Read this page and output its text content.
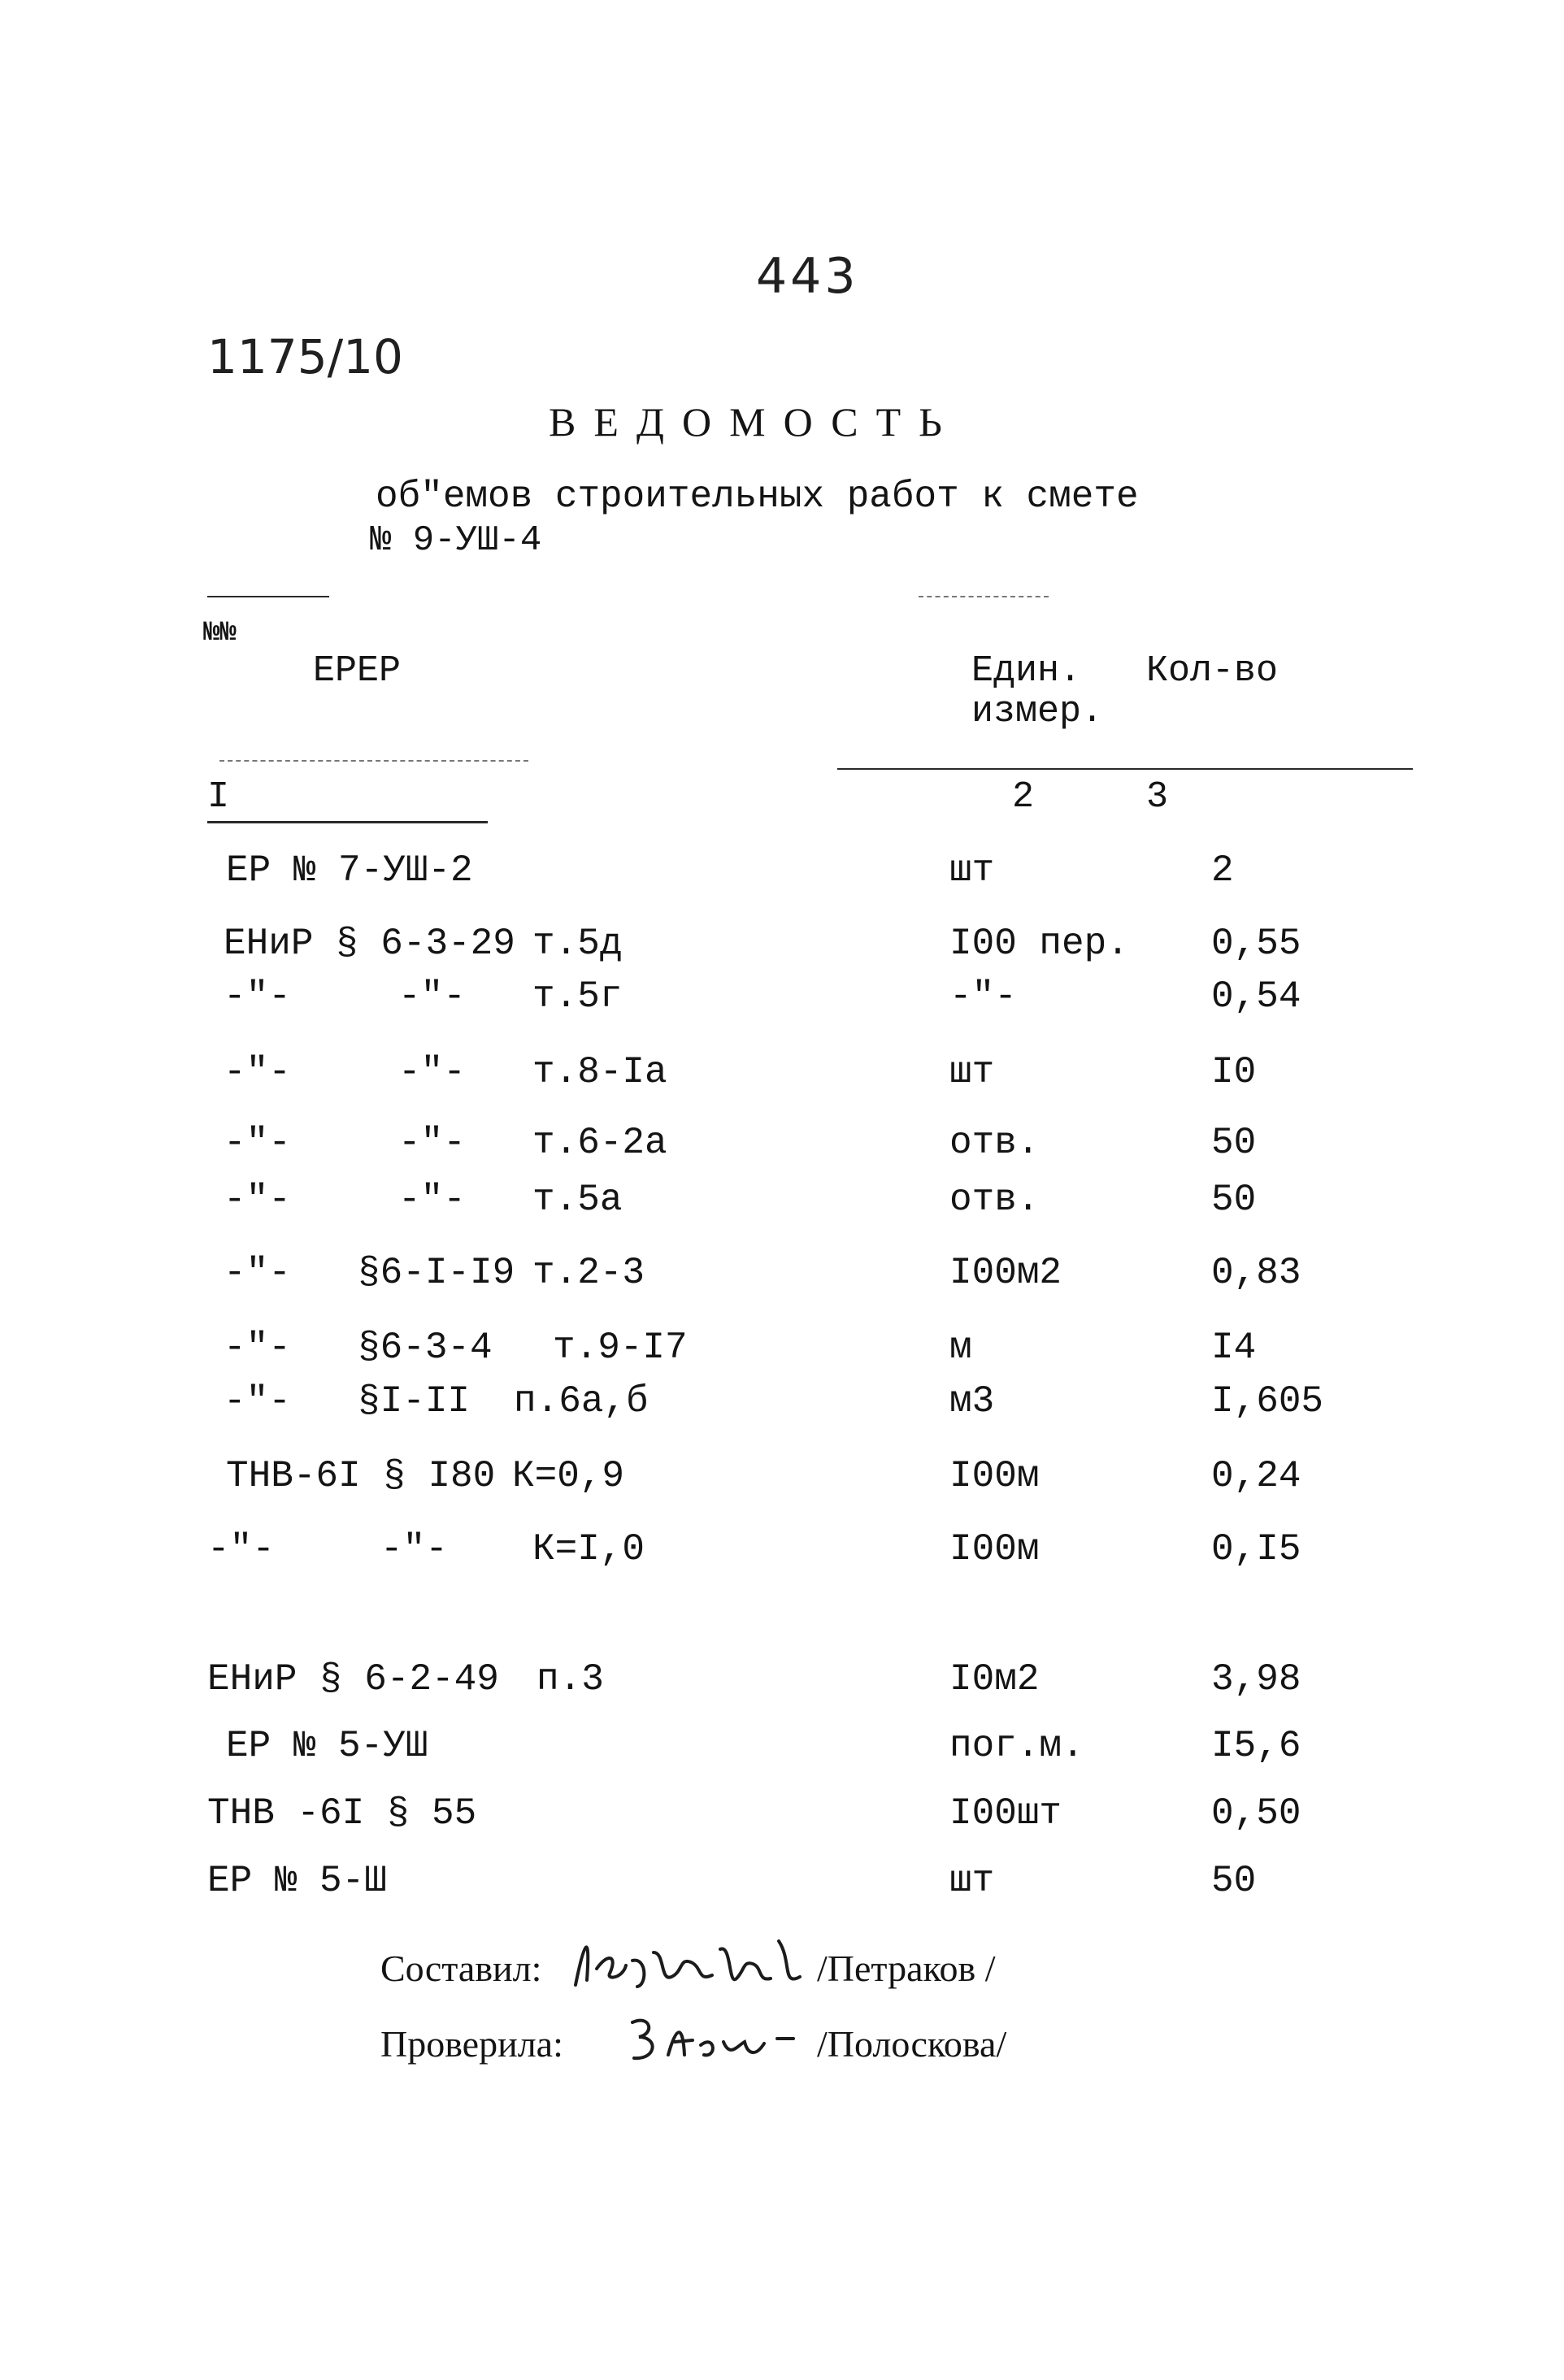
443
1175/10
ВЕДОМОСТЬ
об"емов строительных работ к смете
№ 9-УШ-4
№№
ЕРЕР	Един.
измер.
Кол-во
I	2	3
ЕР № 7-УШ-2	шт	2
ЕНиР § 6-3-29 т.5д	I00 пер. 0,55
-"-	-"- т.5г	-"-	0,54
-"-	-"- т.8-Iа	шт	I0
-"-	-"- т.6-2а	отв.	50
-"-	-"- т.5а	отв.	50
-"- §6-I-I9 т.2-3	I00м2	0,83
-"- §6-3-4 т.9-I7	м	I4
-"- §I-II п.6а,б	м3	I,605
ТНВ-6I § I80 К=0,9	I00м	0,24
-"-	-"- К=I,0	I00м	0,I5
ЕНиР § 6-2-49 п.3	I0м2	3,98
ЕР № 5-УШ	пог.м.	I5,6
ТНВ -6I § 55	I00шт	0,50
ЕР № 5-Ш	шт	50
Составил:	/Петраков /
Проверила:	/Полоскова/
